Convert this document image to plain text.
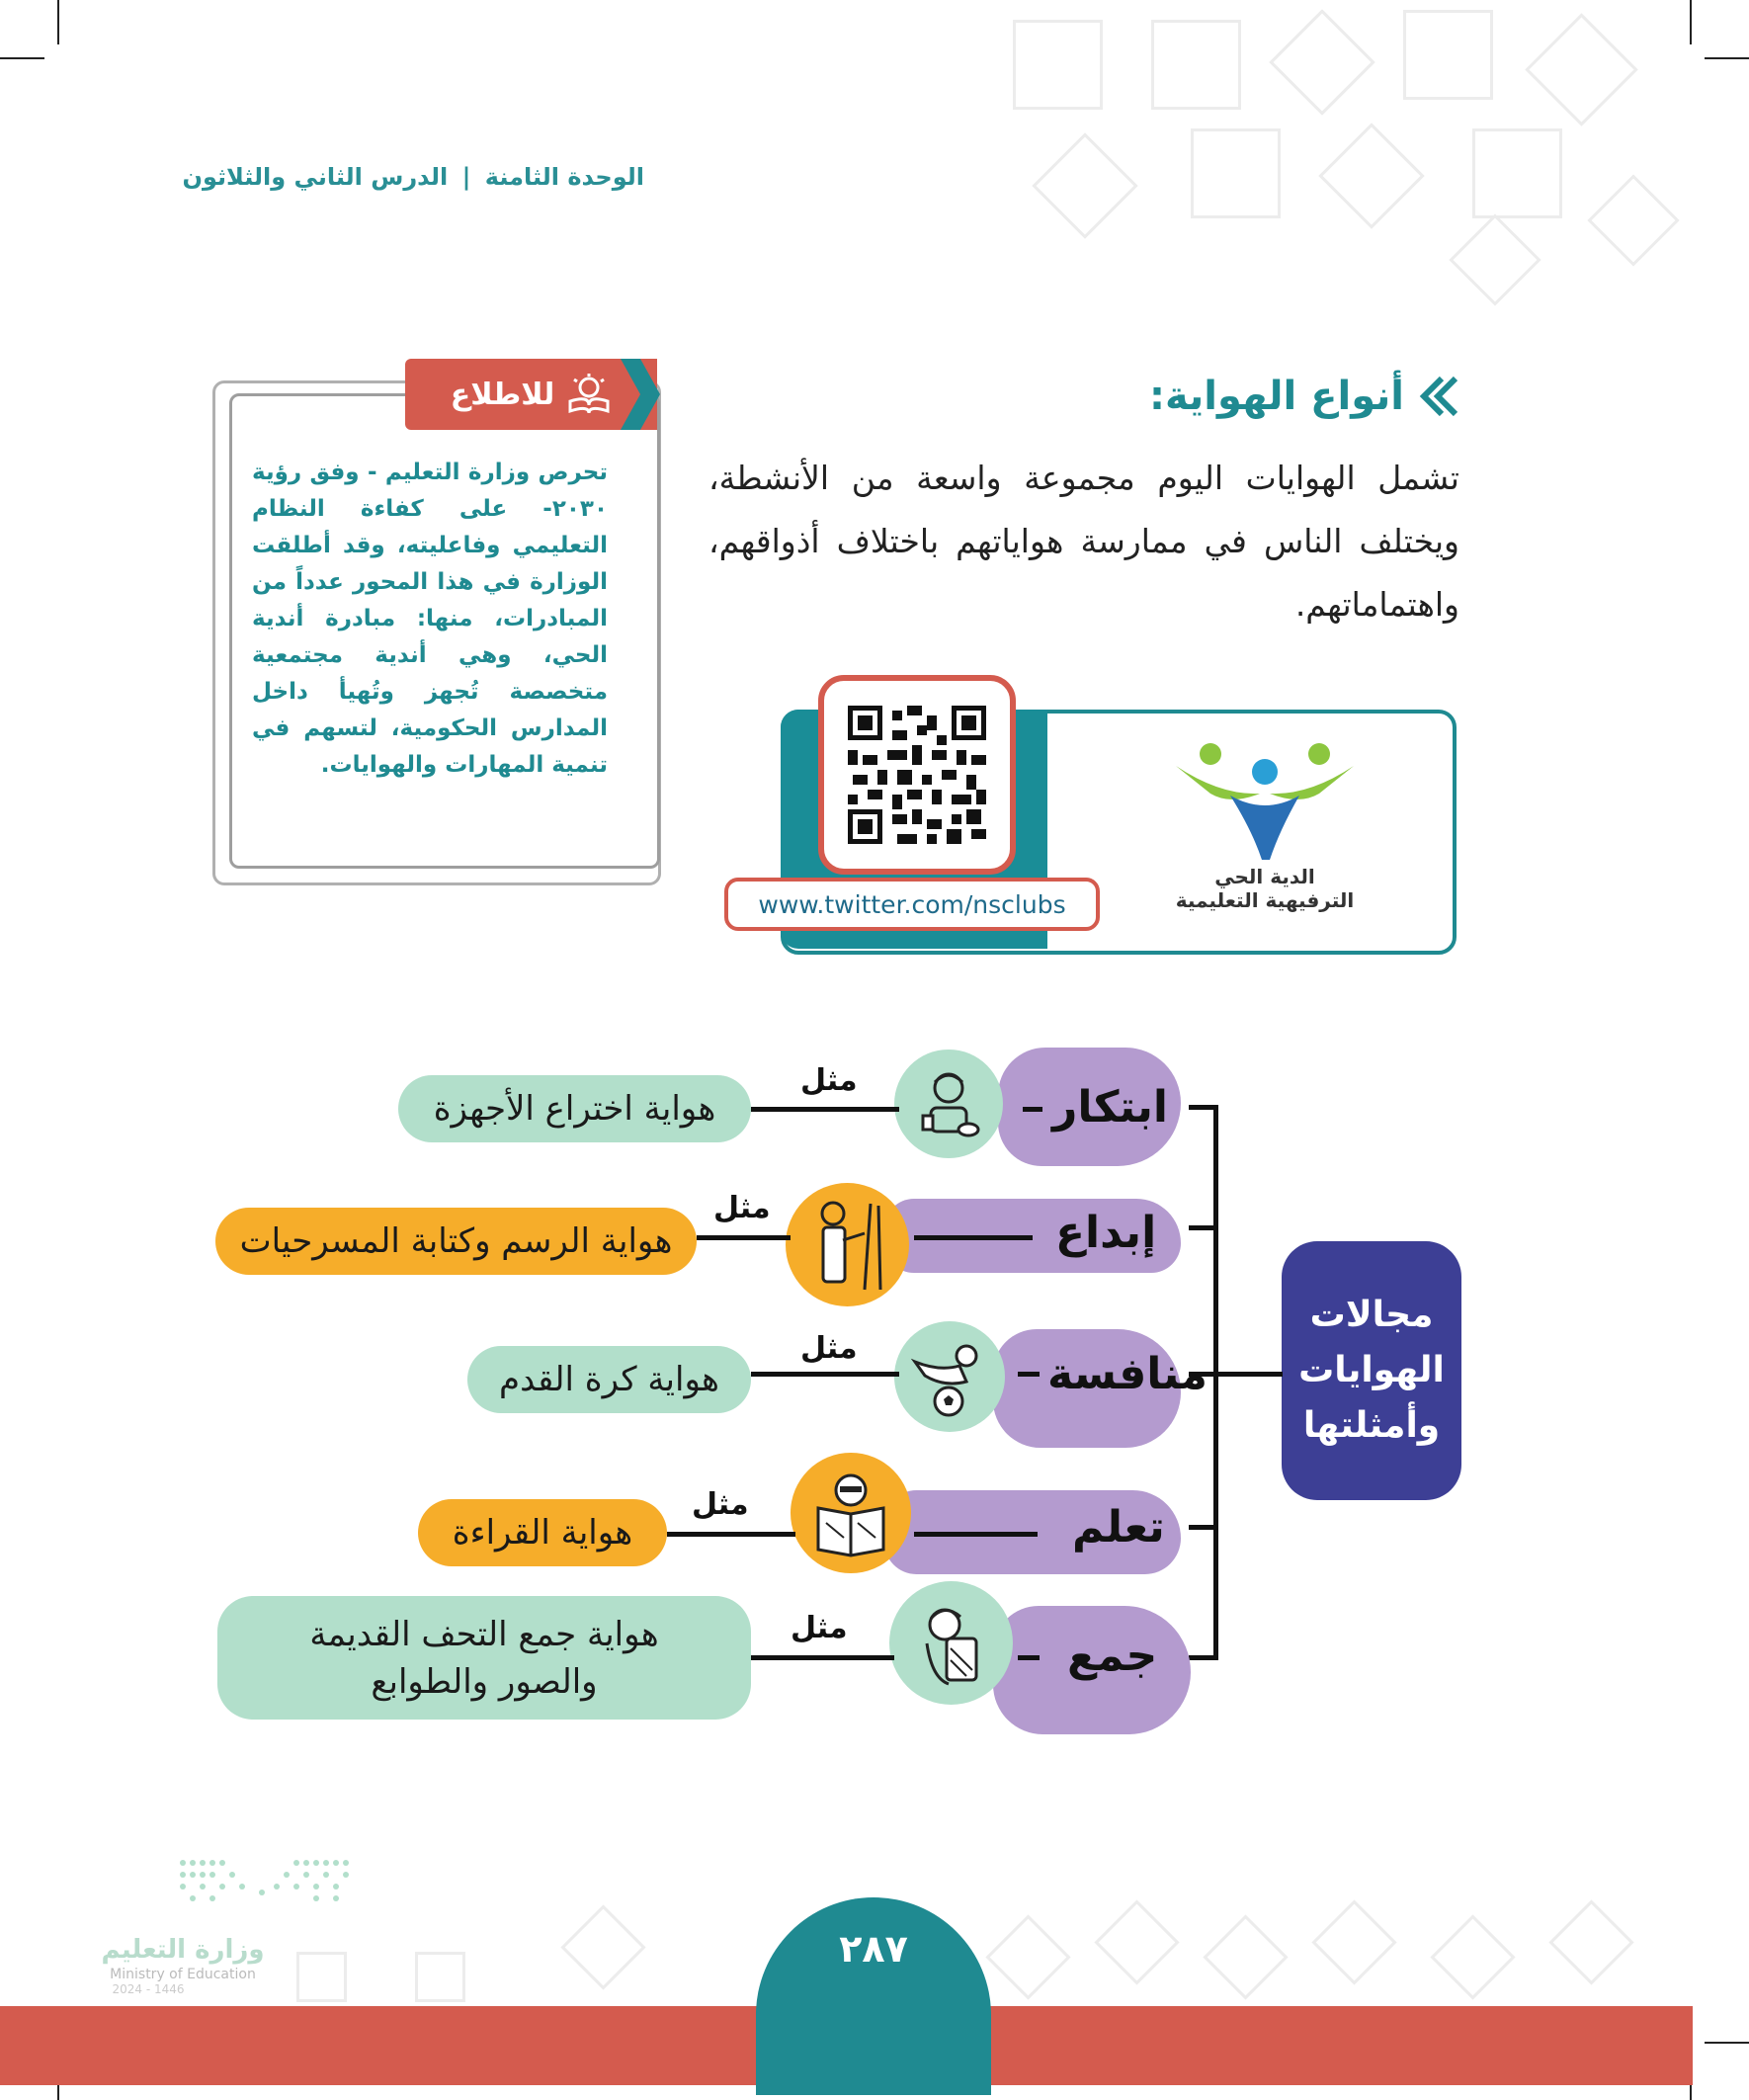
الوحدة الثامنة | الدرس الثاني والثلاثون
أنواع الهواية:
تشمل الهوايات اليوم مجموعة واسعة من الأنشطة، ويختلف الناس في ممارسة هواياتهم باختلاف أذواقهم، واهتماماتهم.
للاطلاع
تحرص وزارة التعليم - وفق رؤية ٢٠٣٠- على كفاءة النظام التعليمي وفاعليته، وقد أطلقت الوزارة في هذا المحور عدداً من المبادرات، منها: مبادرة أندية الحي، وهي أندية مجتمعية متخصصة تُجهز وتُهيأ داخل المدارس الحكومية، لتسهم في تنمية المهارات والهوايات.
www.twitter.com/nsclubs
الدية الحي
الترفيهية التعليمية
مجالات
الهوايات
وأمثلتها
ابتكار
مثل
هواية اختراع الأجهزة
إبداع
مثل
هواية الرسم وكتابة المسرحيات
منافسة
مثل
هواية كرة القدم
تعلم
مثل
هواية القراءة
جمع
مثل
هواية جمع التحف القديمة
والصور والطوابع
٢٨٧
وزارة التعليم
Ministry of Education
2024 - 1446
